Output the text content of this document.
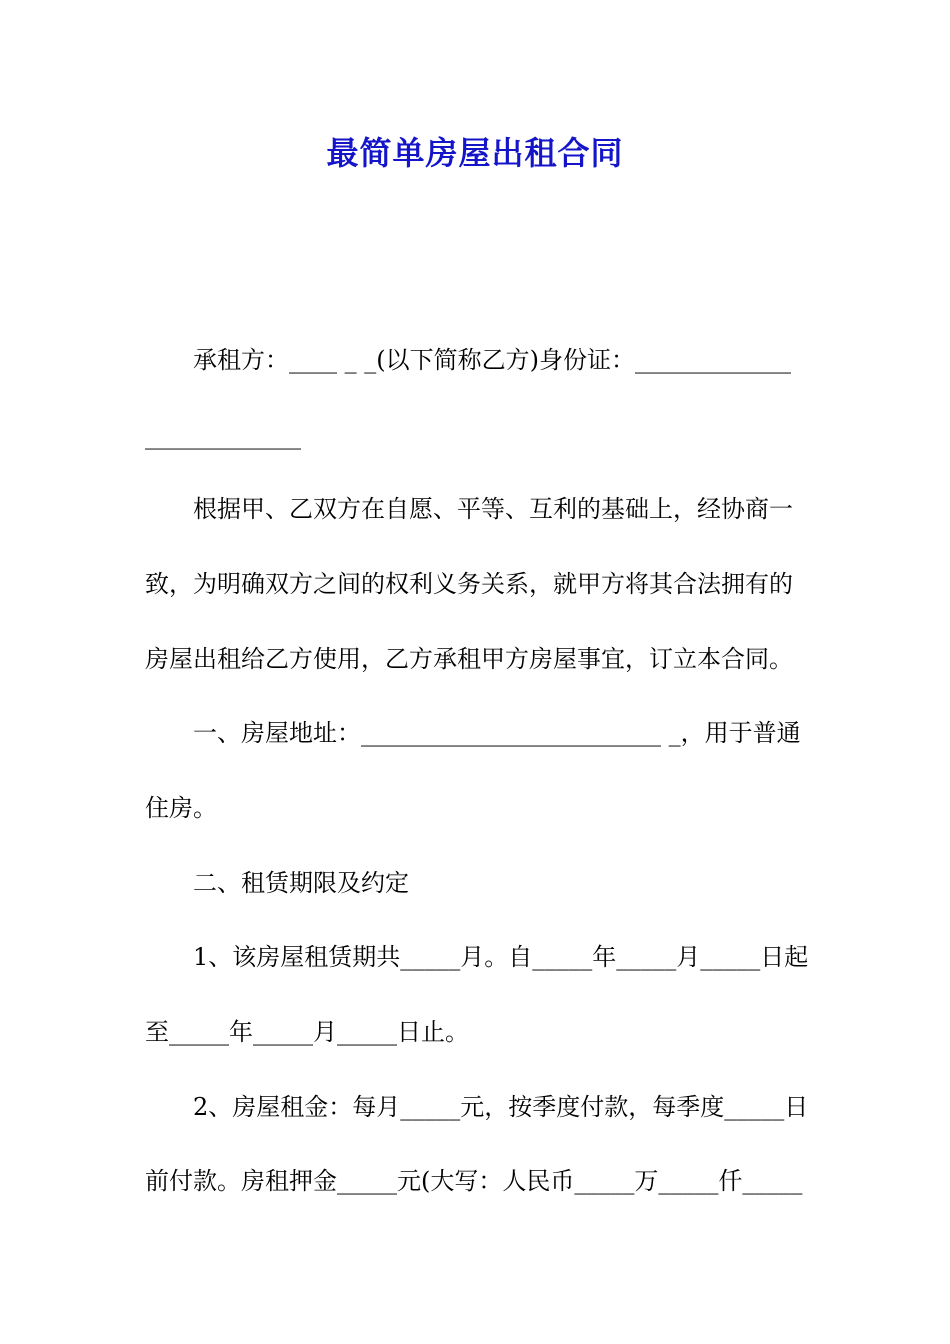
最简单房屋出租合同
承租方：____ _ _(以下简称乙方)身份证：_____________
_____________
根据甲、乙双方在自愿、平等、互利的基础上，经协商一
致，为明确双方之间的权利义务关系，就甲方将其合法拥有的
房屋出租给乙方使用，乙方承租甲方房屋事宜，订立本合同。
一、房屋地址：_________________________ _，用于普通
住房。
二、租赁期限及约定
1、该房屋租赁期共_____月。自_____年_____月_____日起
至_____年_____月_____日止。
2、房屋租金：每月_____元，按季度付款，每季度_____日
前付款。房租押金_____元(大写：人民币_____万_____仟_____
